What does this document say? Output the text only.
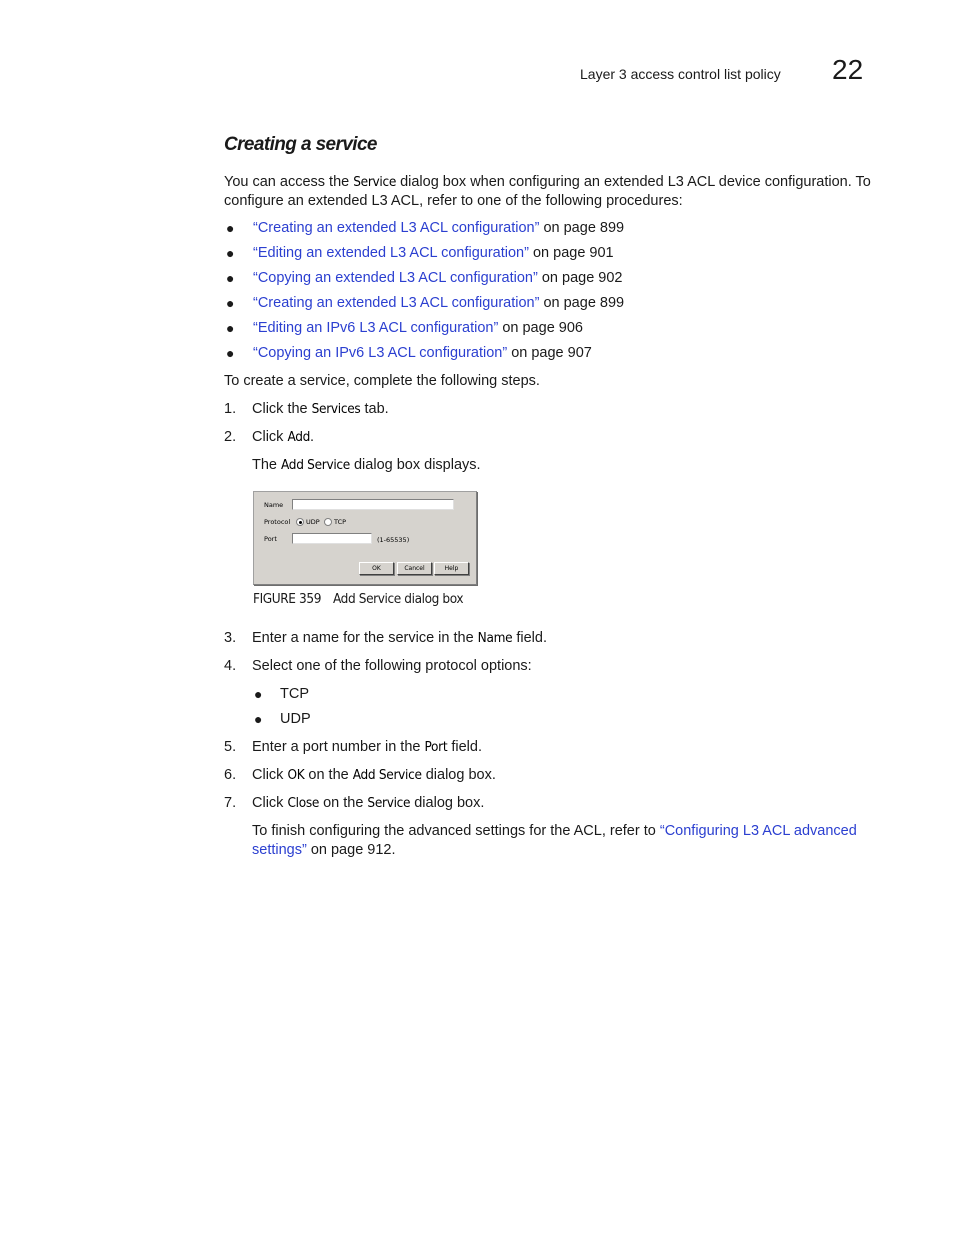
Layer 3 access control list policy 22
Creating a service
You can access the Service dialog box when configuring an extended L3 ACL device configuration. To configure an extended L3 ACL, refer to one of the following procedures:
● “Creating an extended L3 ACL configuration” on page 899
● “Editing an extended L3 ACL configuration” on page 901
● “Copying an extended L3 ACL configuration” on page 902
● “Creating an extended L3 ACL configuration” on page 899
● “Editing an IPv6 L3 ACL configuration” on page 906
● “Copying an IPv6 L3 ACL configuration” on page 907
To create a service, complete the following steps.
1. Click the Services tab.
2. Click Add.
The Add Service dialog box displays.
Name
Protocol UDP TCP
Port	(1-65535)
OK	Cancel	Help
FIGURE 359 Add Service dialog box
3. Enter a name for the service in the Name field.
4. Select one of the following protocol options:
● TCP
● UDP
5. Enter a port number in the Port field.
6. Click OK on the Add Service dialog box.
7. Click Close on the Service dialog box.
To finish configuring the advanced settings for the ACL, refer to “Configuring L3 ACL advanced settings” on page 912.
